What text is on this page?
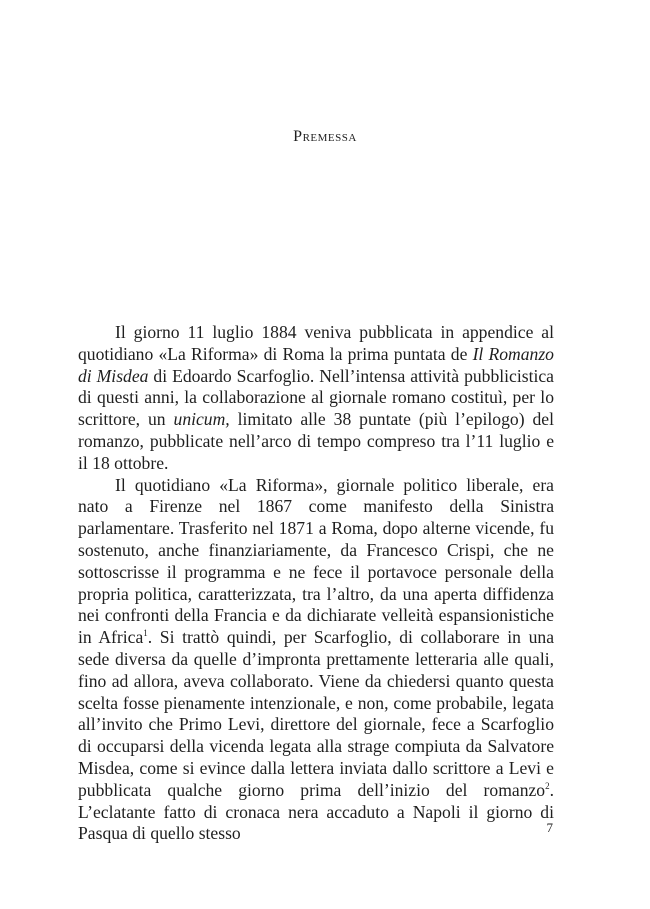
Premessa

Il giorno 11 luglio 1884 veniva pubblicata in appendice al quotidiano «La Riforma» di Roma la prima puntata de Il Romanzo di Misdea di Edoardo Scarfoglio. Nell’intensa attività pubblicistica di questi anni, la collaborazione al giornale romano costituì, per lo scrittore, un unicum, limitato alle 38 puntate (più l’epilogo) del romanzo, pubblicate nell’arco di tempo compreso tra l’11 luglio e il 18 ottobre.

Il quotidiano «La Riforma», giornale politico liberale, era nato a Firenze nel 1867 come manifesto della Sinistra parlamentare. Trasferito nel 1871 a Roma, dopo alterne vicende, fu sostenuto, anche finanziariamente, da Francesco Crispi, che ne sottoscrisse il programma e ne fece il portavoce personale della propria politica, caratterizzata, tra l’altro, da una aperta diffidenza nei confronti della Francia e da dichiarate velleità espansionistiche in Africa$^1$. Si trattò quindi, per Scarfoglio, di collaborare in una sede diversa da quelle d’impronta prettamente letteraria alle quali, fino ad allora, aveva collaborato. Viene da chiedersi quanto questa scelta fosse pienamente intenzionale, e non, come probabile, legata all’invito che Primo Levi, direttore del giornale, fece a Scarfoglio di occuparsi della vicenda legata alla strage compiuta da Salvatore Misdea, come si evince dalla lettera inviata dallo scrittore a Levi e pubblicata qualche giorno prima dell’inizio del romanzo$^2$. L’eclatante fatto di cronaca nera accaduto a Napoli il giorno di Pasqua di quello stesso	7
